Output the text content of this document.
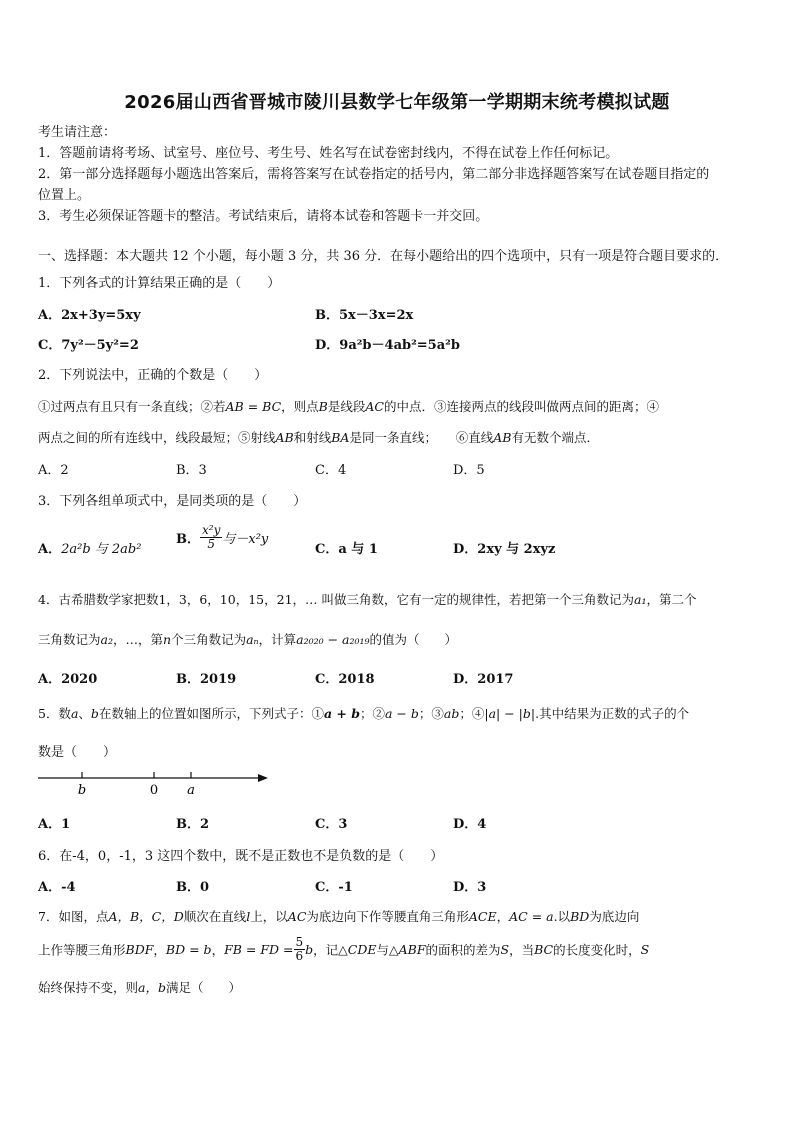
2026届山西省晋城市陵川县数学七年级第一学期期末统考模拟试题
考生请注意：
1．答题前请将考场、试室号、座位号、考生号、姓名写在试卷密封线内，不得在试卷上作任何标记。
2．第一部分选择题每小题选出答案后，需将答案写在试卷指定的括号内，第二部分非选择题答案写在试卷题目指定的
位置上。
3．考生必须保证答题卡的整洁。考试结束后，请将本试卷和答题卡一并交回。
一、选择题：本大题共 12 个小题，每小题 3 分，共 36 分．在每小题给出的四个选项中，只有一项是符合题目要求的．
1．下列各式的计算结果正确的是（　　）
A．2x+3y=5xy	B．5x－3x=2x
C．7y²－5y²=2	D．9a²b－4ab²=5a²b
2．下列说法中，正确的个数是（　　）
①过两点有且只有一条直线；②若AB = BC，则点B是线段AC的中点．③连接两点的线段叫做两点间的距离；④
两点之间的所有连线中，线段最短；⑤射线AB和射线BA是同一条直线；　　⑥直线AB有无数个端点．
A．2	B．3	C．4	D．5
3．下列各组单项式中，是同类项的是（　　）
A．2a²b 与 2ab²
B． $\frac{\text{x²y}}{5}$ 与－x²y
C．a 与 1	D．2xy 与 2xyz
4．古希腊数学家把数1，3，6，10，15，21，… 叫做三角数，它有一定的规律性，若把第一个三角数记为a₁，第二个
三角数记为a₂，…，第n个三角数记为aₙ，计算a₂₀₂₀ − a₂₀₁₉的值为（　　）
A．2020	B．2019	C．2018	D．2017
5．数a、b在数轴上的位置如图所示，下列式子：①a + b；②a − b；③ab；④|a| − |b|.其中结果为正数的式子的个
数是（　　）
b	0 a
A．1	B．2	C．3	D．4
6．在-4，0，-1，3 这四个数中，既不是正数也不是负数的是（　　）
A．-4	B．0	C．-1	D．3
7．如图，点A，B，C，D顺次在直线l上，以AC为底边向下作等腰直角三角形ACE，AC = a.以BD为底边向
上作等腰三角形BDF，BD = b，FB = FD = $\frac{5}{6}$ b，记△CDE与△ABF的面积的差为S，当BC的长度变化时，S
始终保持不变，则a，b满足（　　）
